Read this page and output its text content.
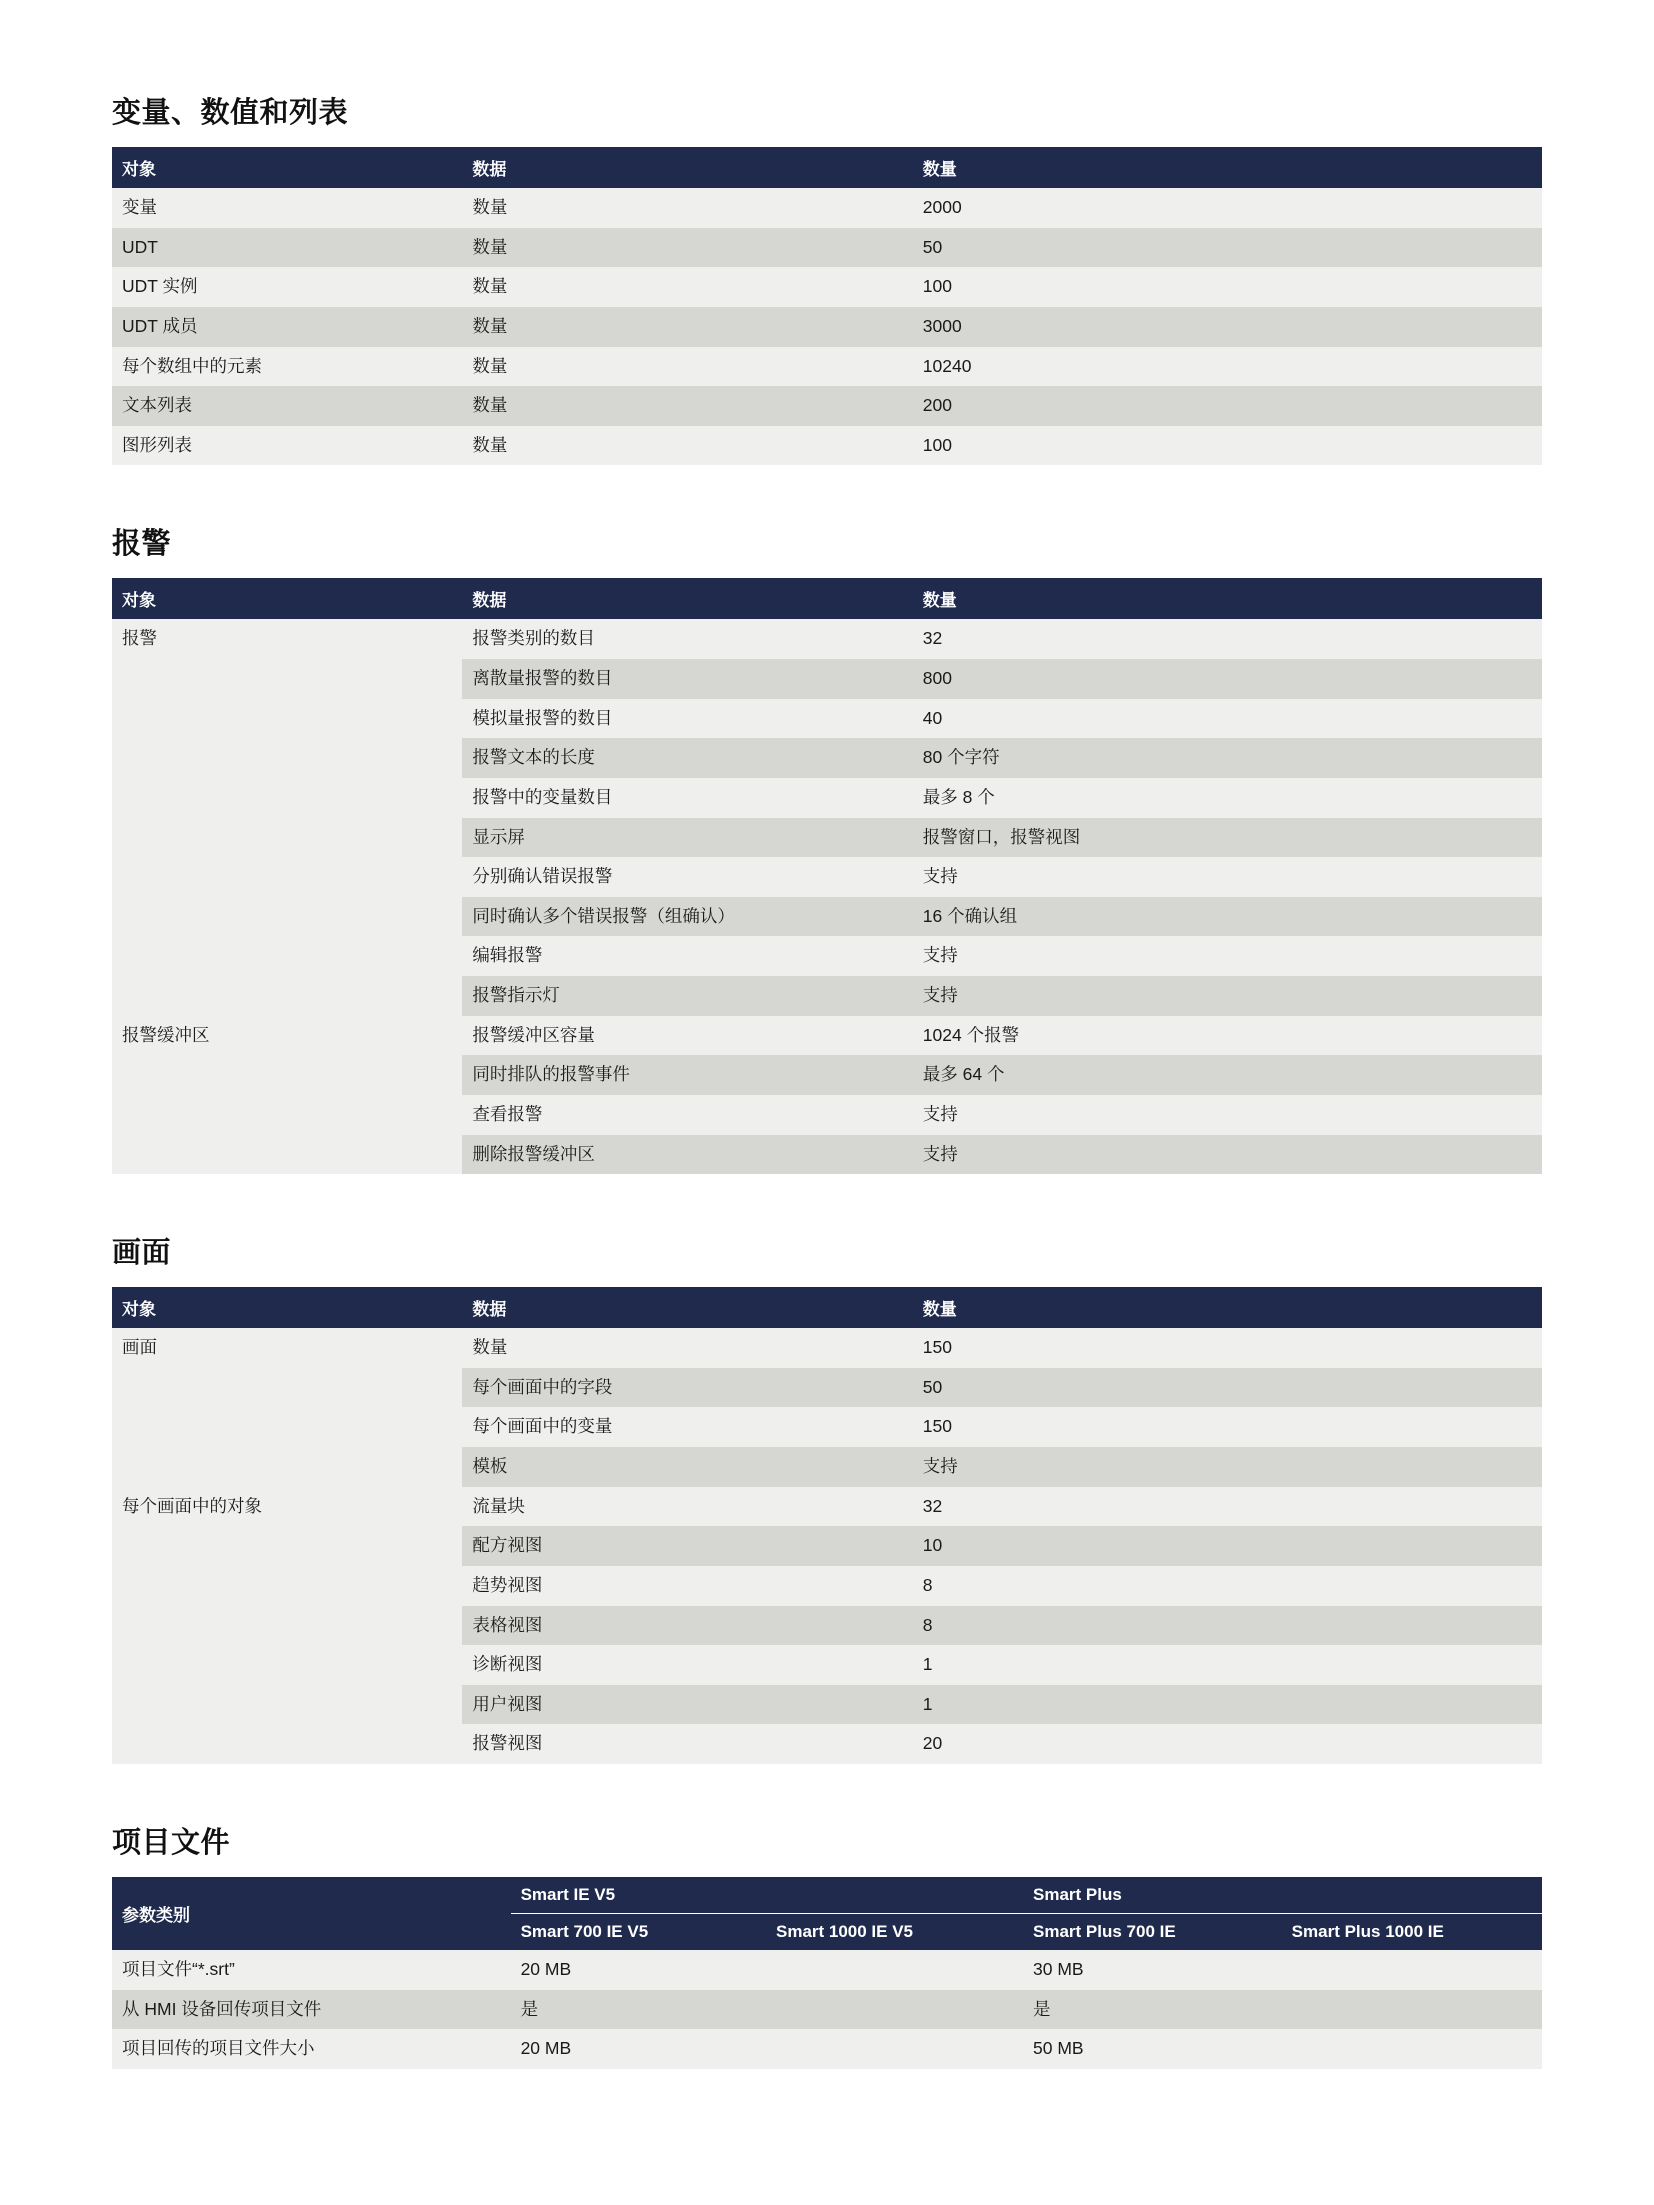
变量、数值和列表
对象	数据	数量
变量	数量	2000
UDT	数量	50
UDT 实例	数量	100
UDT 成员	数量	3000
每个数组中的元素	数量	10240
文本列表	数量	200
图形列表	数量	100
报警
对象	数据	数量
报警	报警类别的数目	32
	离散量报警的数目	800
	模拟量报警的数目	40
	报警文本的长度	80 个字符
	报警中的变量数目	最多 8 个
	显示屏	报警窗口，报警视图
	分别确认错误报警	支持
	同时确认多个错误报警（组确认）	16 个确认组
	编辑报警	支持
	报警指示灯	支持
报警缓冲区	报警缓冲区容量	1024 个报警
	同时排队的报警事件	最多 64 个
	查看报警	支持
	删除报警缓冲区	支持
画面
对象	数据	数量
画面	数量	150
	每个画面中的字段	50
	每个画面中的变量	150
	模板	支持
每个画面中的对象	流量块	32
	配方视图	10
	趋势视图	8
	表格视图	8
	诊断视图	1
	用户视图	1
	报警视图	20
项目文件
参数类别	Smart IE V5		Smart Plus	
	Smart 700 IE V5	Smart 1000 IE V5	Smart Plus 700 IE	Smart Plus 1000 IE
项目文件“*.srt”	20 MB		30 MB	
从 HMI 设备回传项目文件	是		是	
项目回传的项目文件大小	20 MB		50 MB	
